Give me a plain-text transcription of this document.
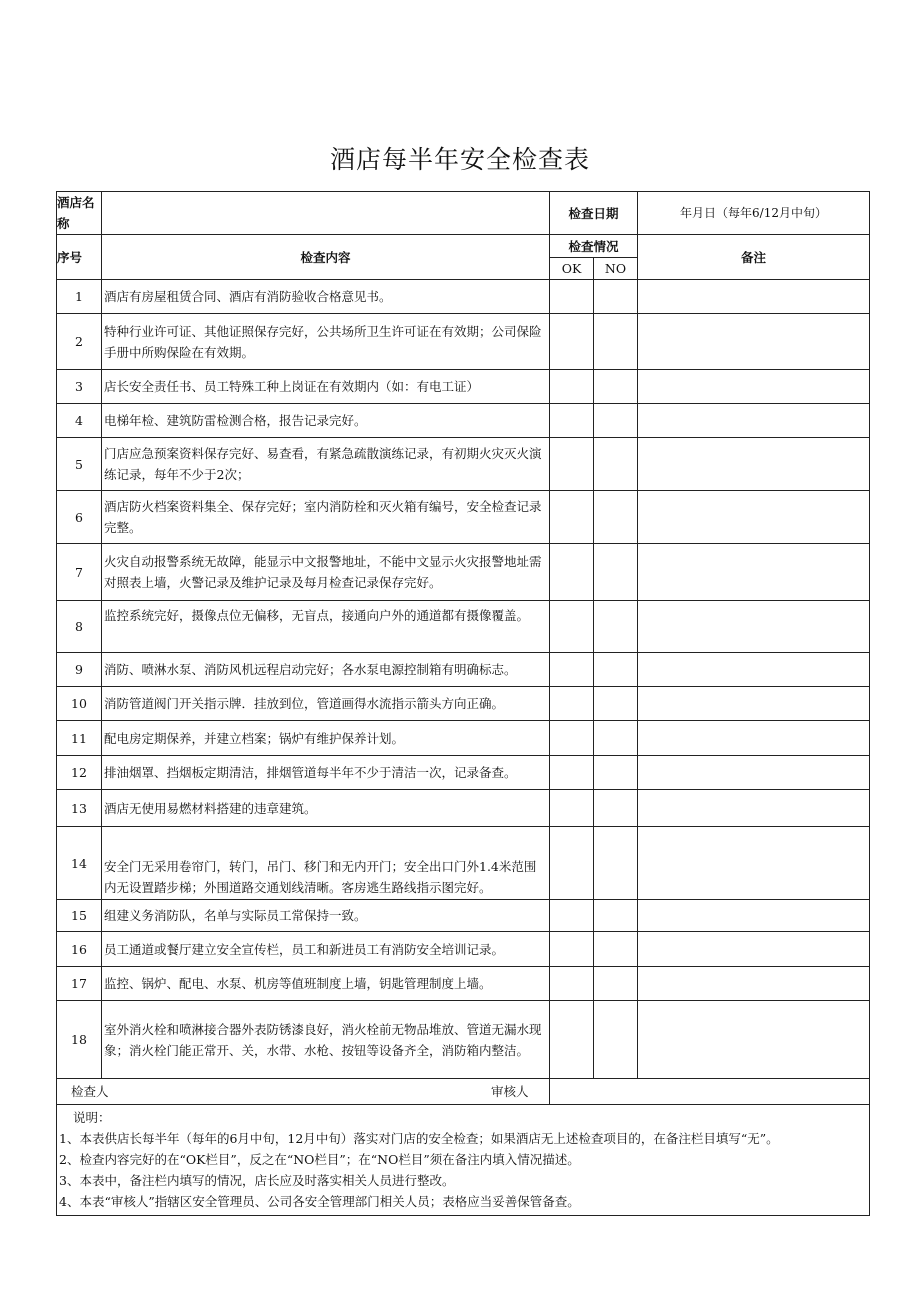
酒店每半年安全检查表
酒店名称		检查日期		年月日（每年6/12月中旬）
序号	检查内容	检查情况		备注
		OK	NO	
1	酒店有房屋租赁合同、酒店有消防验收合格意见书。			
2	特种行业许可证、其他证照保存完好，公共场所卫生许可证在有效期；公司保险手册中所购保险在有效期。			
3	店长安全责任书、员工特殊工种上岗证在有效期内（如：有电工证）			
4	电梯年检、建筑防雷检测合格，报告记录完好。			
5	门店应急预案资料保存完好、易查看，有紧急疏散演练记录，有初期火灾灭火演练记录，每年不少于2次；			
6	酒店防火档案资料集全、保存完好；室内消防栓和灭火箱有编号，安全检查记录完整。			
7	火灾自动报警系统无故障，能显示中文报警地址，不能中文显示火灾报警地址需对照表上墙，火警记录及维护记录及每月检查记录保存完好。			
8	监控系统完好，摄像点位无偏移，无盲点，接通向户外的通道都有摄像覆盖。			
9	消防、喷淋水泵、消防风机远程启动完好；各水泵电源控制箱有明确标志。			
10	消防管道阀门开关指示牌．挂放到位，管道画得水流指示箭头方向正确。			
11	配电房定期保养，并建立档案；锅炉有维护保养计划。			
12	排油烟罩、挡烟板定期清洁，排烟管道每半年不少于清洁一次，记录备查。			
13	酒店无使用易燃材料搭建的违章建筑。			
14	安全门无采用卷帘门，转门，吊门、移门和无内开门；安全出口门外1.4米范围内无设置踏步梯；外围道路交通划线清晰。客房逃生路线指示图完好。			
15	组建义务消防队，名单与实际员工常保持一致。			
16	员工通道或餐厅建立安全宣传栏，员工和新进员工有消防安全培训记录。			
17	监控、锅炉、配电、水泵、机房等值班制度上墙，钥匙管理制度上墙。			
18	室外消火栓和喷淋接合器外表防锈漆良好，消火栓前无物品堆放、管道无漏水现象；消火栓门能正常开、关，水带、水枪、按钮等设备齐全，消防箱内整洁。			

检查人 审核人				

说明：
1、本表供店长每半年（每年的6月中旬，12月中旬）落实对门店的安全检查；如果酒店无上述检查项目的，在备注栏目填写“无”。
2、检查内容完好的在“OK栏目”，反之在“NO栏目”；在“NO栏目”须在备注内填入情况描述。
3、本表中，备注栏内填写的情况，店长应及时落实相关人员进行整改。
4、本表“审核人”指辖区安全管理员、公司各安全管理部门相关人员；表格应当妥善保管备查。				
